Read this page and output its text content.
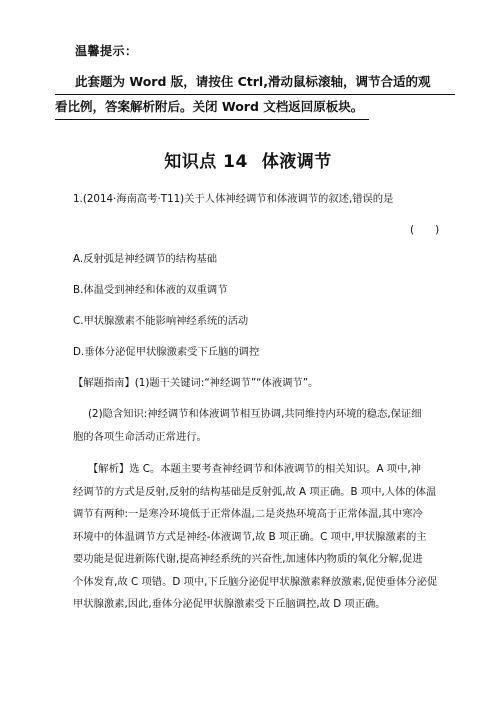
温馨提示：
此套题为 Word 版，请按住 Ctrl,滑动鼠标滚轴，调节合适的观
看比例，答案解析附后。关闭 Word 文档返回原板块。
知识点 14 体液调节
1.(2014·海南高考·T11)关于人体神经调节和体液调节的叙述,错误的是
(　　)
A.反射弧是神经调节的结构基础
B.体温受到神经和体液的双重调节
C.甲状腺激素不能影响神经系统的活动
D.垂体分泌促甲状腺激素受下丘脑的调控
【解题指南】(1)题干关键词:“神经调节”“体液调节”。
(2)隐含知识:神经调节和体液调节相互协调,共同维持内环境的稳态,保证细
胞的各项生命活动正常进行。
【解析】选 C。本题主要考查神经调节和体液调节的相关知识。A 项中,神
经调节的方式是反射,反射的结构基础是反射弧,故 A 项正确。B 项中,人体的体温
调节有两种:一是寒冷环境低于正常体温,二是炎热环境高于正常体温,其中寒冷
环境中的体温调节方式是神经-体液调节,故 B 项正确。C 项中,甲状腺激素的主
要功能是促进新陈代谢,提高神经系统的兴奋性,加速体内物质的氧化分解,促进
个体发育,故 C 项错。D 项中,下丘脑分泌促甲状腺激素释放激素,促使垂体分泌促
甲状腺激素,因此,垂体分泌促甲状腺激素受下丘脑调控,故 D 项正确。
